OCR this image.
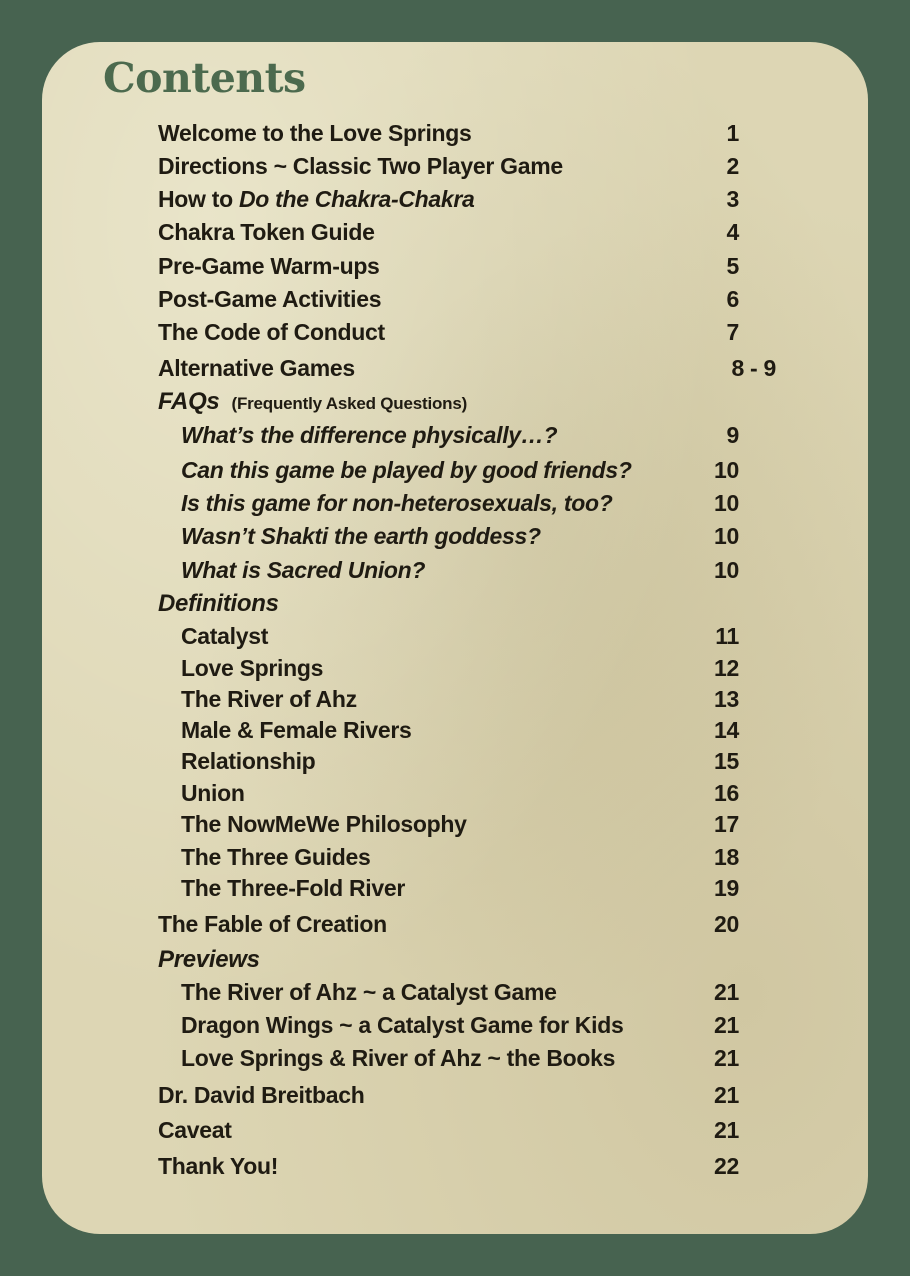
Contents
Welcome to the Love Springs	1
Directions ~ Classic Two Player Game	2
How to Do the Chakra-Chakra	3
Chakra Token Guide	4
Pre-Game Warm-ups	5
Post-Game Activities	6
The Code of Conduct	7
Alternative Games	8 - 9
FAQs (Frequently Asked Questions)
What’s the difference physically…?	9
Can this game be played by good friends?	10
Is this game for non-heterosexuals, too?	10
Wasn’t Shakti the earth goddess?	10
What is Sacred Union?	10
Definitions
Catalyst	11
Love Springs	12
The River of Ahz	13
Male & Female Rivers	14
Relationship	15
Union	16
The NowMeWe Philosophy	17
The Three Guides	18
The Three-Fold River	19
The Fable of Creation	20
Previews
The River of Ahz ~ a Catalyst Game	21
Dragon Wings ~ a Catalyst Game for Kids	21
Love Springs & River of Ahz ~ the Books	21
Dr. David Breitbach	21
Caveat	21
Thank You!	22
